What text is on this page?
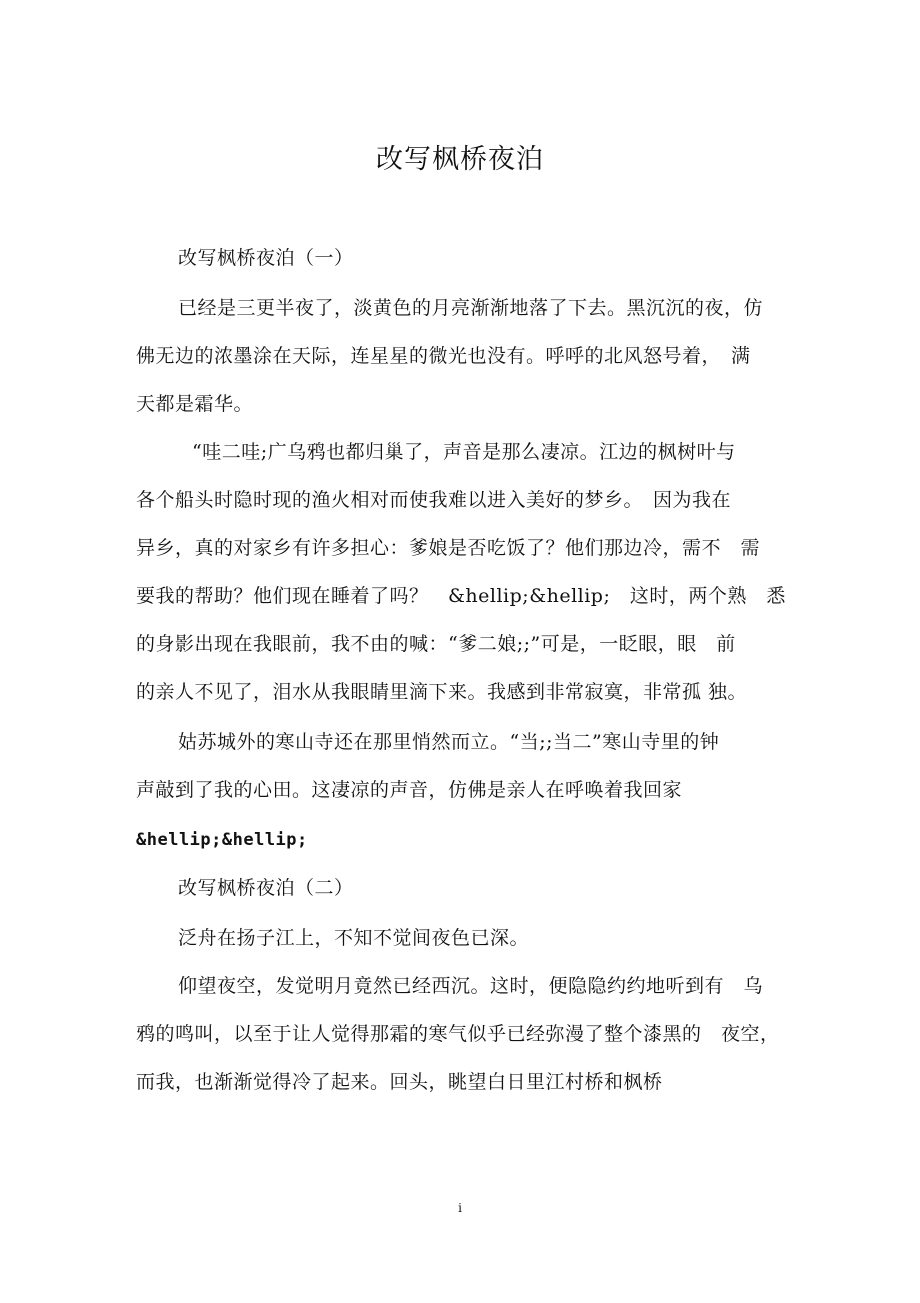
改写枫桥夜泊
改写枫桥夜泊（一）
已经是三更半夜了，淡黄色的月亮渐渐地落了下去。黑沉沉的夜，仿
佛无边的浓墨涂在天际，连星星的微光也没有。呼呼的北风怒号着，　满
天都是霜华。
“哇二哇;广乌鸦也都归巢了，声音是那么凄凉。江边的枫树叶与
各个船头时隐时现的渔火相对而使我难以进入美好的梦乡。　因为我在
异乡，真的对家乡有许多担心：爹娘是否吃饭了？他们那边冷，需不　需
要我的帮助？他们现在睡着了吗？　&hellip;&hellip;　这时，两个熟　悉
的身影出现在我眼前，我不由的喊：“爹二娘;;”可是，一眨眼，眼　前
的亲人不见了，泪水从我眼睛里滴下来。我感到非常寂寞，非常孤 独。
姑苏城外的寒山寺还在那里悄然而立。“当;;当二”寒山寺里的钟
声敲到了我的心田。这凄凉的声音，仿佛是亲人在呼唤着我回家
&hellip;&hellip;
改写枫桥夜泊（二）
泛舟在扬子江上，不知不觉间夜色已深。
仰望夜空，发觉明月竟然已经西沉。这时，便隐隐约约地听到有　乌
鸦的鸣叫，以至于让人觉得那霜的寒气似乎已经弥漫了整个漆黑的　夜空，
而我，也渐渐觉得冷了起来。回头，眺望白日里江村桥和枫桥
i
